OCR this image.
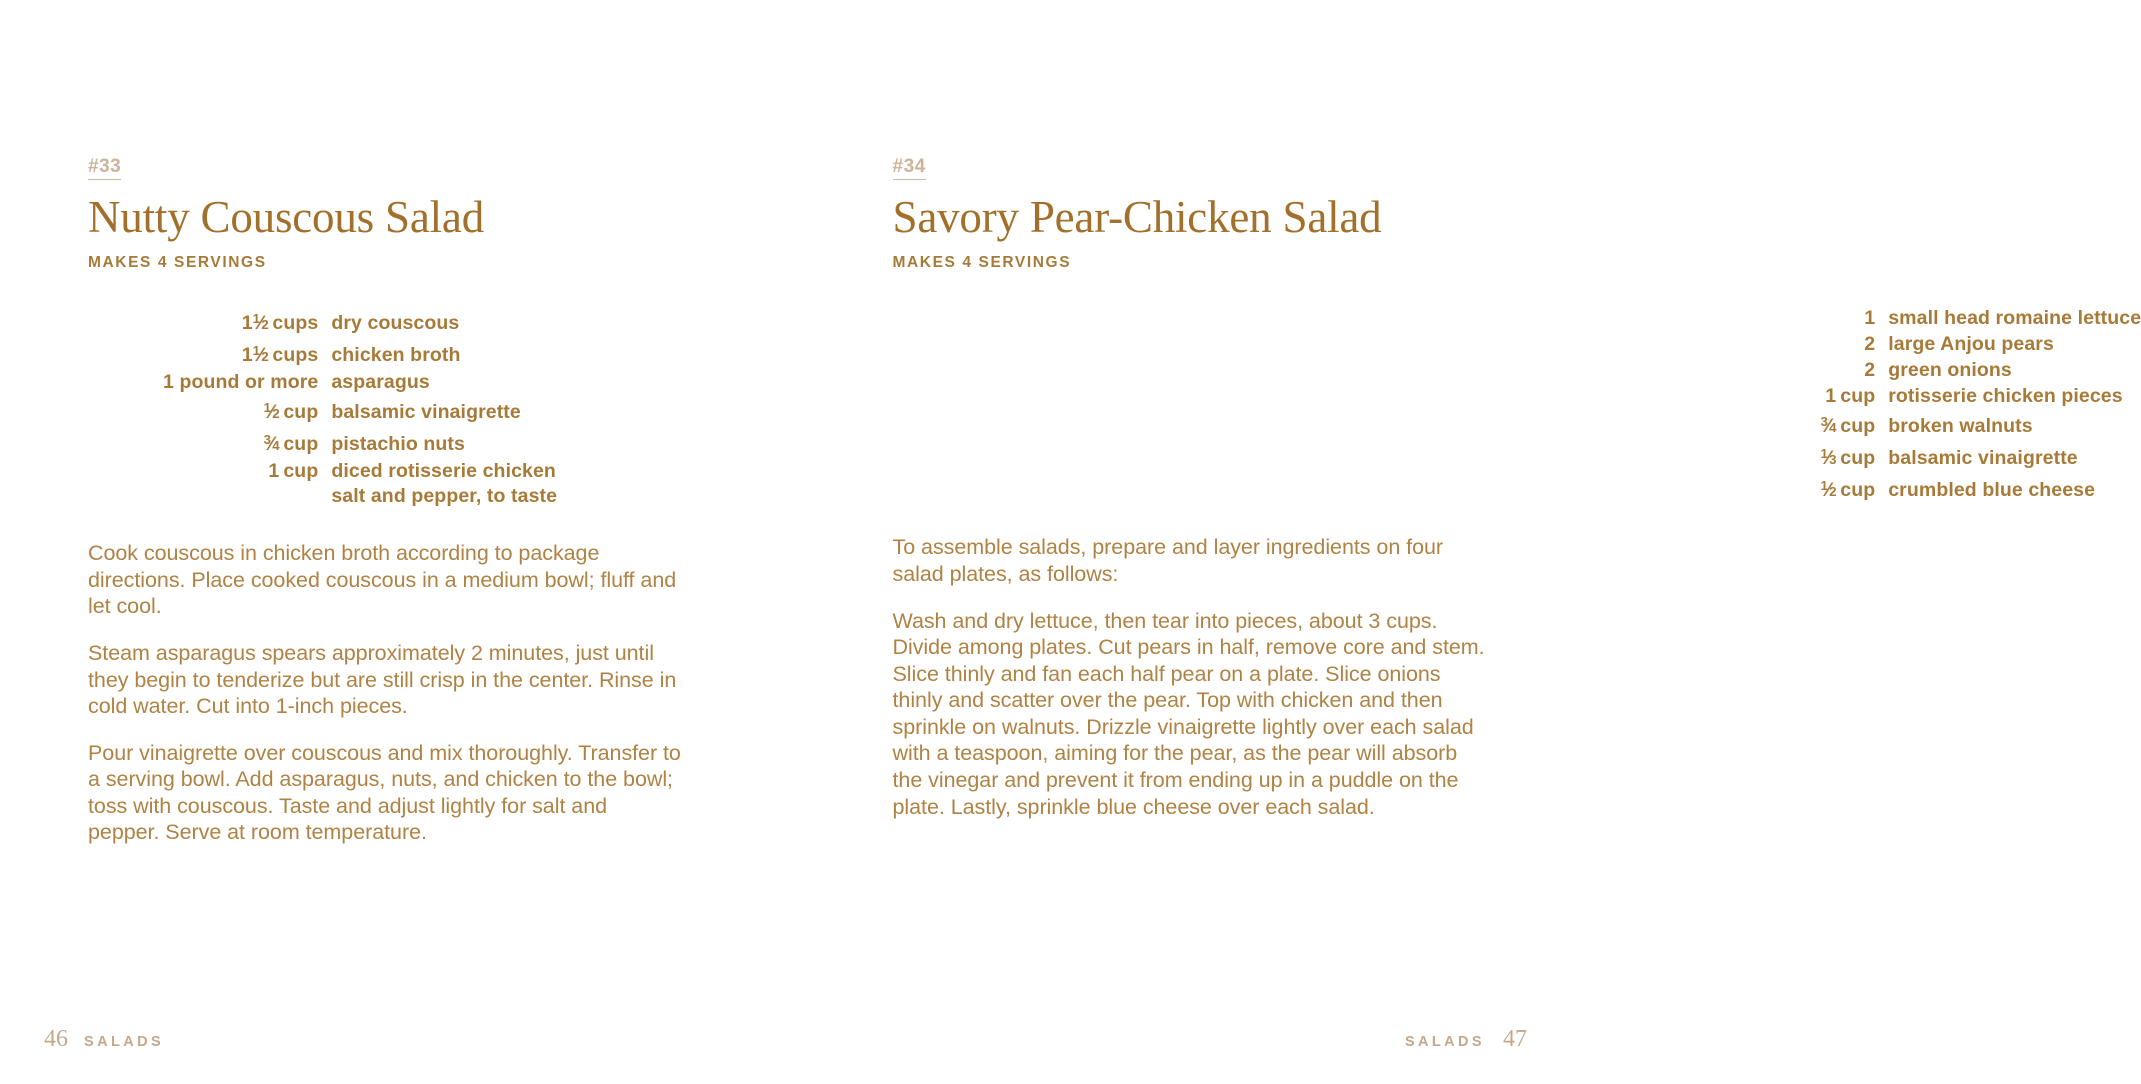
#33
Nutty Couscous Salad
MAKES 4 SERVINGS
$1^1⁄2$ cups	dry couscous
$1^1⁄2$ cups	chicken broth
1 pound or more	asparagus
$^1$⁄2 cup	balsamic vinaigrette
$^3$⁄4 cup	pistachio nuts
1 cup	diced rotisserie chicken
	salt and pepper, to taste

Cook couscous in chicken broth according to package directions. Place cooked couscous in a medium bowl; fluff and let cool.

Steam asparagus spears approximately 2 minutes, just until they begin to tenderize but are still crisp in the center. Rinse in cold water. Cut into 1-inch pieces.

Pour vinaigrette over couscous and mix thoroughly. Transfer to a serving bowl. Add asparagus, nuts, and chicken to the bowl; toss with couscous. Taste and adjust lightly for salt and pepper. Serve at room temperature.

46 SALADS
#34
Savory Pear-Chicken Salad
MAKES 4 SERVINGS
1	small head romaine lettuce
2	large Anjou pears
2	green onions
1 cup	rotisserie chicken pieces
$^3$⁄4 cup	broken walnuts
$^1$⁄3 cup	balsamic vinaigrette
$^1$⁄2 cup	crumbled blue cheese

To assemble salads, prepare and layer ingredients on four salad plates, as follows:

Wash and dry lettuce, then tear into pieces, about 3 cups. Divide among plates. Cut pears in half, remove core and stem. Slice thinly and fan each half pear on a plate. Slice onions thinly and scatter over the pear. Top with chicken and then sprinkle on walnuts. Drizzle vinaigrette lightly over each salad with a teaspoon, aiming for the pear, as the pear will absorb the vinegar and prevent it from ending up in a puddle on the plate. Lastly, sprinkle blue cheese over each salad.

SALADS 47
